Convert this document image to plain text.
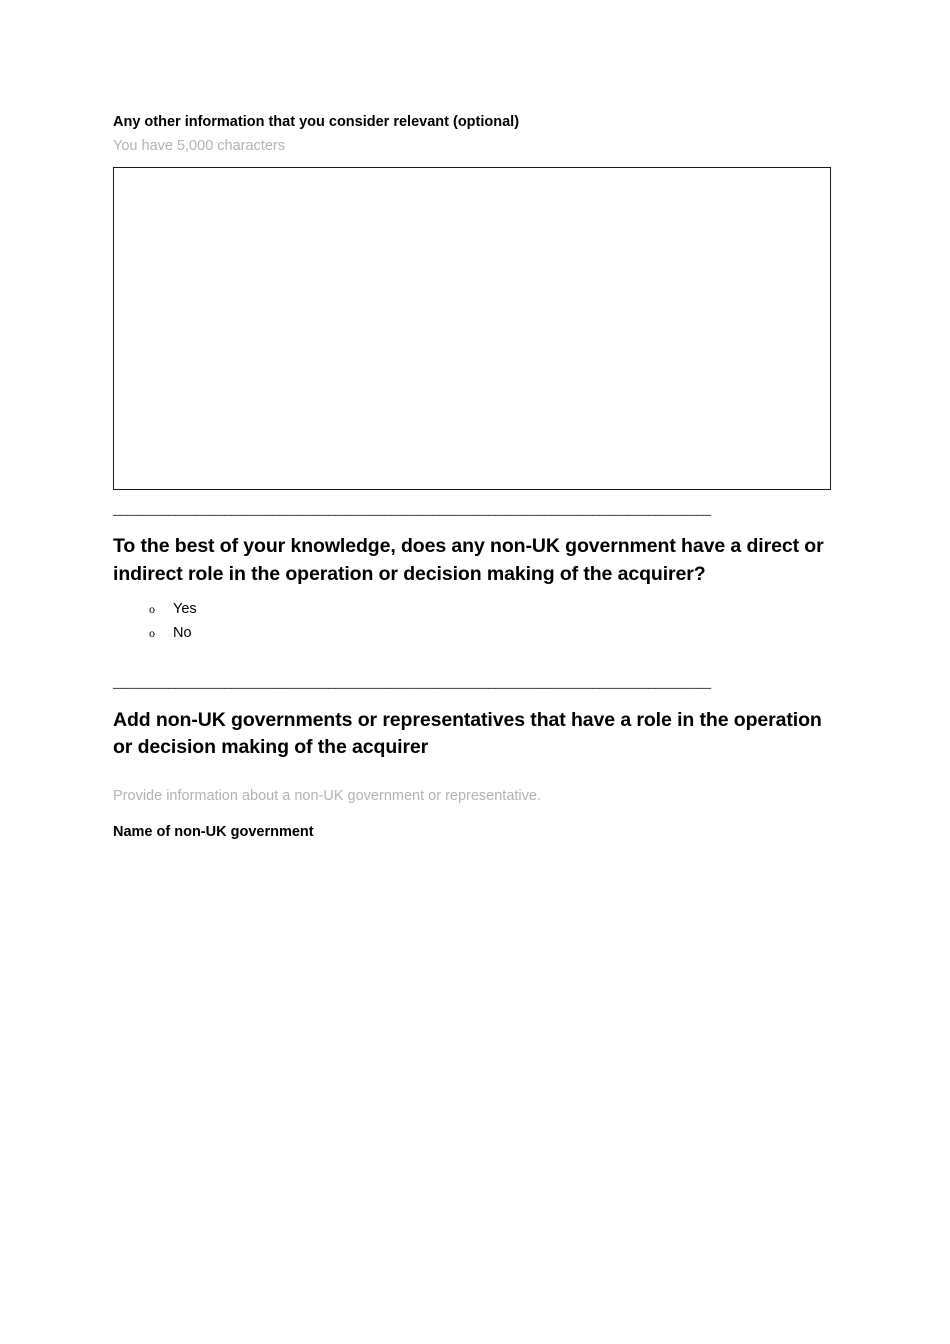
Any other information that you consider relevant (optional)

You have 5,000 characters

______________________________________________________________________________________
To the best of your knowledge, does any non-UK government have a direct or indirect role in the operation or decision making of the acquirer?
o	Yes
o	No
______________________________________________________________________________________
Add non-UK governments or representatives that have a role in the operation or decision making of the acquirer

Provide information about a non-UK government or representative.

Name of non-UK government
